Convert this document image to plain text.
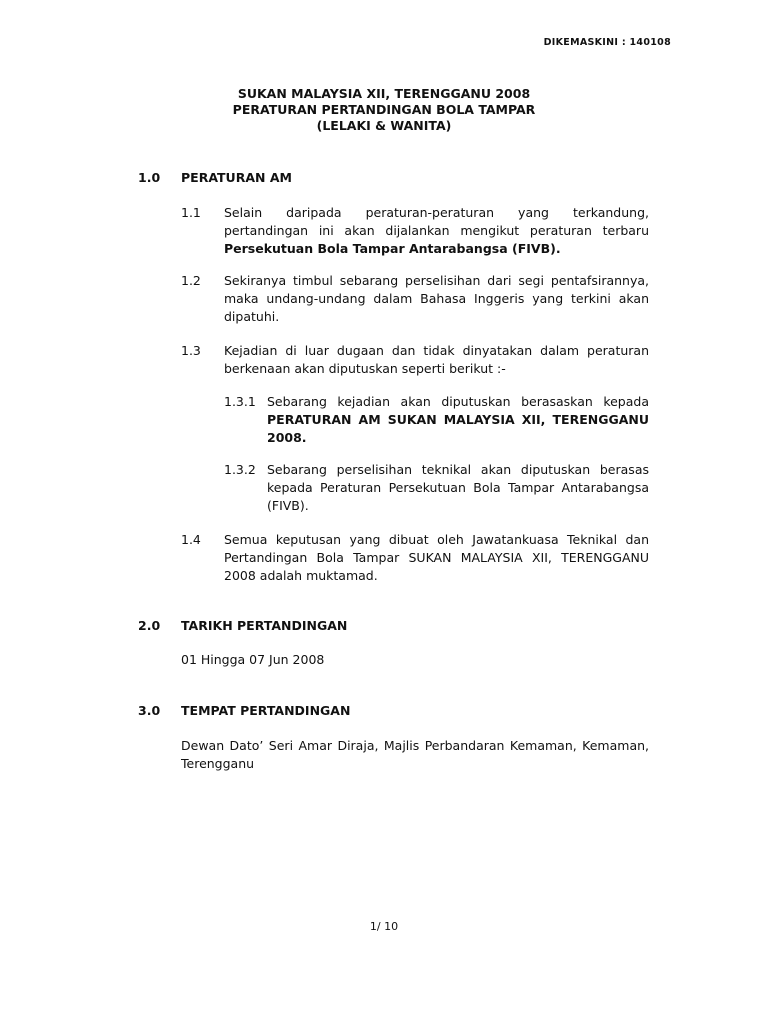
DIKEMASKINI : 140108
SUKAN MALAYSIA XII, TERENGGANU 2008
PERATURAN PERTANDINGAN BOLA TAMPAR
(LELAKI & WANITA)
1.0	PERATURAN AM
1.1 Selain daripada peraturan-peraturan yang terkandung, pertandingan ini akan dijalankan mengikut peraturan terbaru Persekutuan Bola Tampar Antarabangsa (FIVB).
1.2 Sekiranya timbul sebarang perselisihan dari segi pentafsirannya, maka undang-undang dalam Bahasa Inggeris yang terkini akan dipatuhi.
1.3 Kejadian di luar dugaan dan tidak dinyatakan dalam peraturan berkenaan akan diputuskan seperti berikut :-
1.3.1 Sebarang kejadian akan diputuskan berasaskan kepada PERATURAN AM SUKAN MALAYSIA XII, TERENGGANU 2008.
1.3.2 Sebarang perselisihan teknikal akan diputuskan berasas kepada Peraturan Persekutuan Bola Tampar Antarabangsa (FIVB).
1.4 Semua keputusan yang dibuat oleh Jawatankuasa Teknikal dan Pertandingan Bola Tampar SUKAN MALAYSIA XII, TERENGGANU 2008 adalah muktamad.
2.0	TARIKH PERTANDINGAN
01 Hingga 07 Jun 2008
3.0	TEMPAT PERTANDINGAN
Dewan Dato’ Seri Amar Diraja, Majlis Perbandaran Kemaman, Kemaman, Terengganu
1/ 10
